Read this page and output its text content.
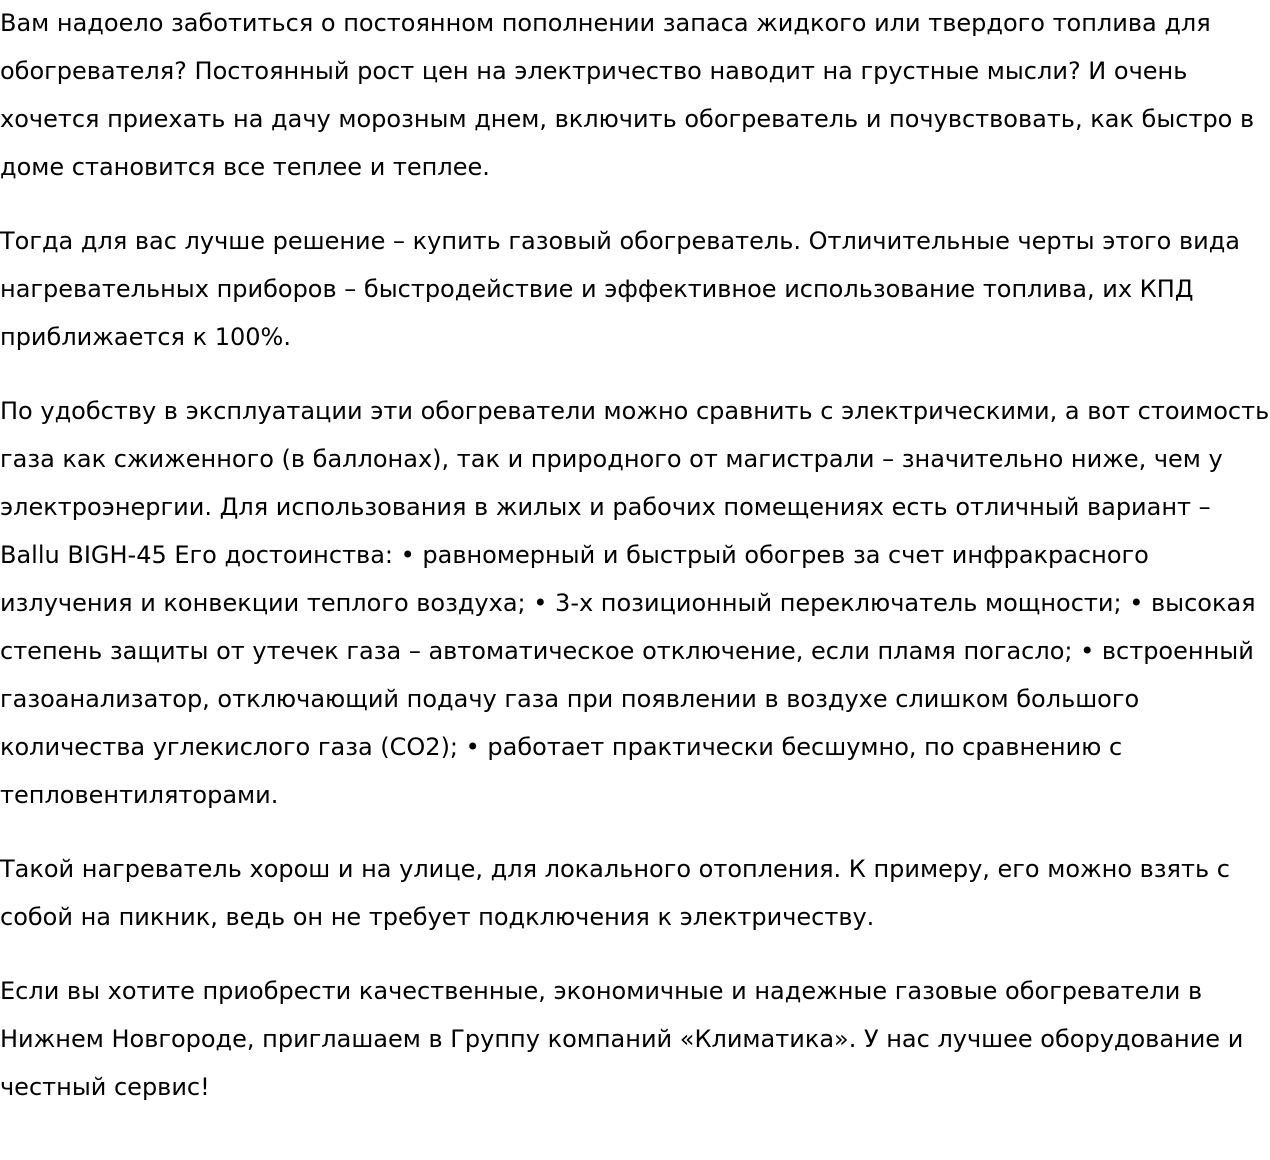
Вам надоело заботиться о постоянном пополнении запаса жидкого или твердого топлива для обогревателя? Постоянный рост цен на электричество наводит на грустные мысли? И очень хочется приехать на дачу морозным днем, включить обогреватель и почувствовать, как быстро в доме становится все теплее и теплее.

Тогда для вас лучше решение – купить газовый обогреватель. Отличительные черты этого вида нагревательных приборов – быстродействие и эффективное использование топлива, их КПД приближается к 100%.

По удобству в эксплуатации эти обогреватели можно сравнить с электрическими, а вот стоимость газа как сжиженного (в баллонах), так и природного от магистрали – значительно ниже, чем у электроэнергии. Для использования в жилых и рабочих помещениях есть отличный вариант – Ballu BIGH-45 Его достоинства: • равномерный и быстрый обогрев за счет инфракрасного излучения и конвекции теплого воздуха; • 3-х позиционный переключатель мощности; • высокая степень защиты от утечек газа – автоматическое отключение, если пламя погасло; • встроенный газоанализатор, отключающий подачу газа при появлении в воздухе слишком большого количества углекислого газа (CO2); • работает практически бесшумно, по сравнению с тепловентиляторами.

Такой нагреватель хорош и на улице, для локального отопления. К примеру, его можно взять с собой на пикник, ведь он не требует подключения к электричеству.

Если вы хотите приобрести качественные, экономичные и надежные газовые обогреватели в Нижнем Новгороде, приглашаем в Группу компаний «Климатика». У нас лучшее оборудование и честный сервис!
